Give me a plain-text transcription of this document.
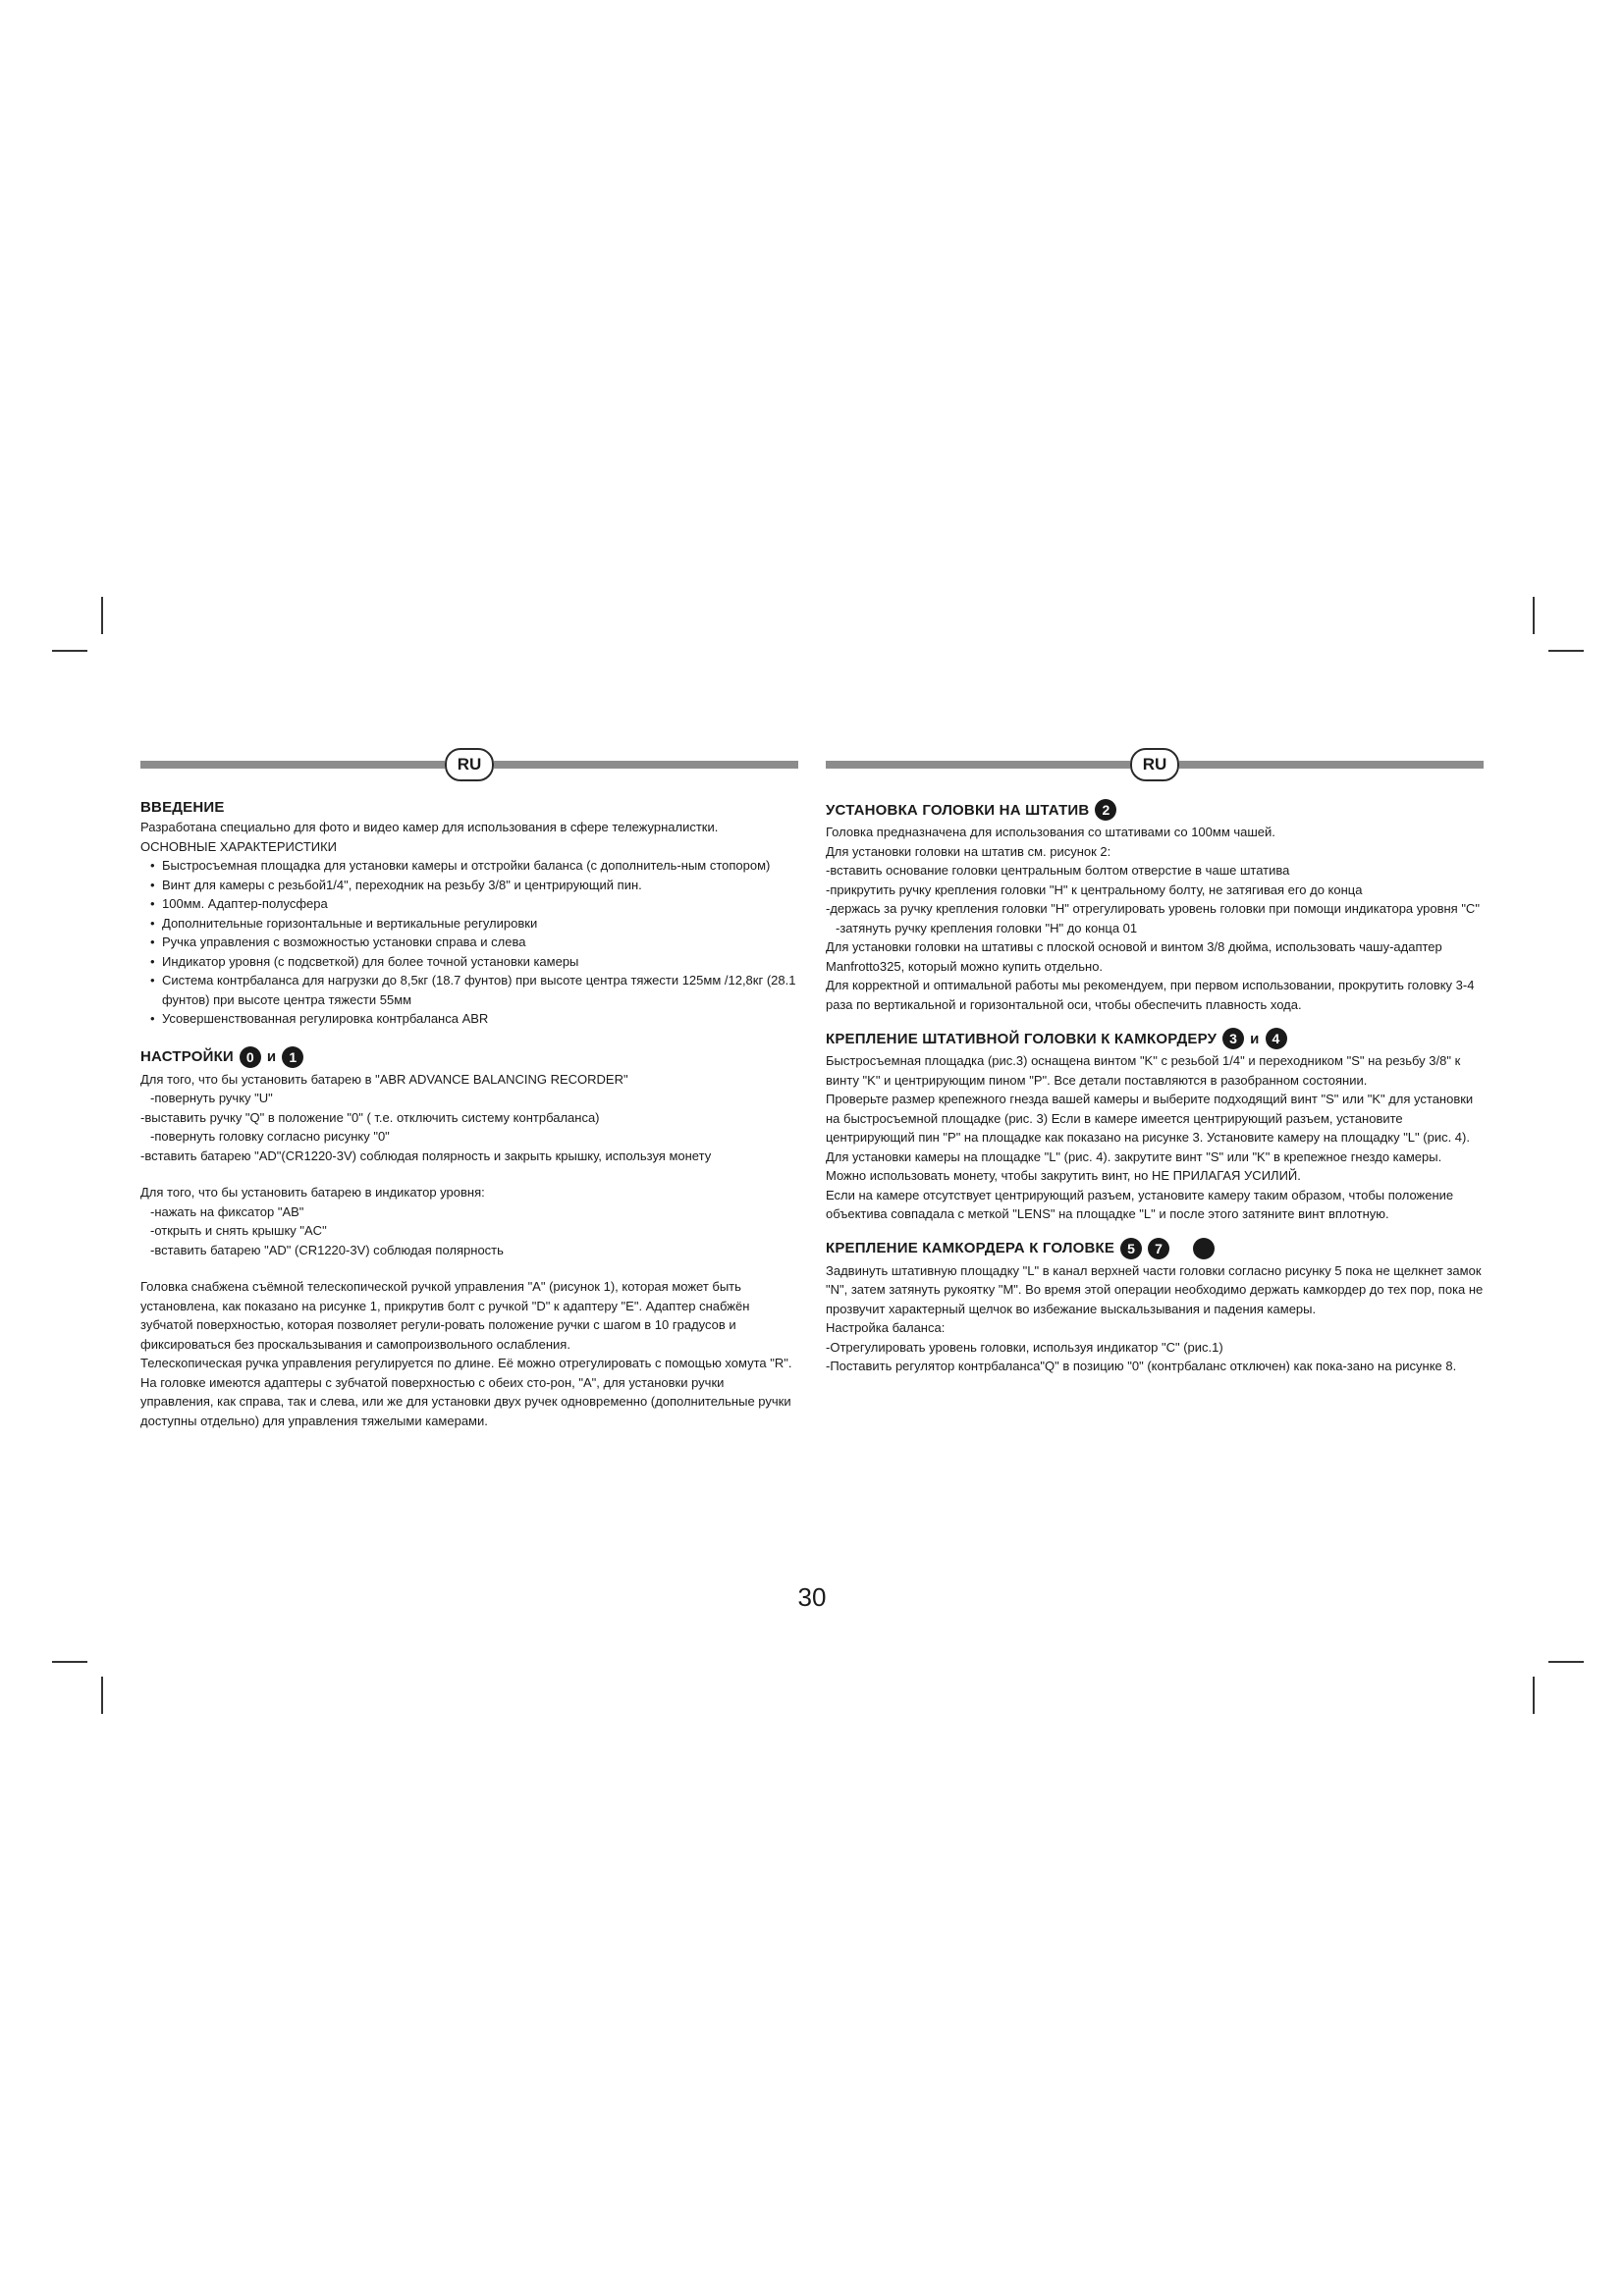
RU
ВВЕДЕНИЕ

Разработана специально для фото и видео камер для использования в сфере тележурналистки.

ОСНОВНЫЕ ХАРАКТЕРИСТИКИ

• Быстросъемная площадка для установки камеры и отстройки баланса (с дополнитель-ным стопором)
• Винт для камеры с резьбой1/4", переходник на резьбу 3/8" и центрирующий пин.
• 100мм. Адаптер-полусфера
• Дополнительные горизонтальные и вертикальные регулировки
• Ручка управления с возможностью установки справа и слева
• Индикатор уровня (с подсветкой) для более точной установки камеры
• Система контрбаланса для нагрузки до 8,5кг (18.7 фунтов) при высоте центра тяжести 125мм /12,8кг (28.1 фунтов) при высоте центра тяжести 55мм
• Усовершенствованная регулировка контрбаланса ABR
НАСТРОЙКИ 0 и 1

Для того, что бы установить батарею в "ABR ADVANCE BALANCING RECORDER"

-повернуть ручку "U"

-выставить ручку "Q" в положение "0" ( т.е. отключить систему контрбаланса)

-повернуть головку согласно рисунку "0"

-вставить батарею "AD"(CR1220-3V) соблюдая полярность и закрыть крышку, используя монету

Для того, что бы установить батарею в индикатор уровня:

-нажать на фиксатор "AB"

-открыть и снять крышку "AC"

-вставить батарею "AD" (CR1220-3V) соблюдая полярность

Головка снабжена съёмной телескопической ручкой управления "A" (рисунок 1), которая может быть установлена, как показано на рисунке 1, прикрутив болт с ручкой "D" к адаптеру "E". Адаптер снабжён зубчатой поверхностью, которая позволяет регули-ровать положение ручки с шагом в 10 градусов и фиксироваться без проскальзывания и самопроизвольного ослабления.

Телескопическая ручка управления регулируется по длине. Её можно отрегулировать с помощью хомута "R". На головке имеются адаптеры с зубчатой поверхностью с обеих сто-рон, "A", для установки ручки управления, как справа, так и слева, или же для установки двух ручек одновременно (дополнительные ручки доступны отдельно) для управления тяжелыми камерами.

RU
УСТАНОВКА ГОЛОВКИ НА ШТАТИВ 2

Головка предназначена для использования со штативами со 100мм чашей.

Для установки головки на штатив см. рисунок 2:

-вставить основание головки центральным болтом отверстие в чаше штатива

-прикрутить ручку крепления головки "H" к центральному болту, не затягивая его до конца

-держась за ручку крепления головки "H" отрегулировать уровень головки при помощи индикатора уровня "C"

-затянуть ручку крепления головки "H" до конца 01

Для установки головки на штативы с плоской основой и винтом 3/8 дюйма, использовать чашу-адаптер Manfrotto325, который можно купить отдельно.

Для корректной и оптимальной работы мы рекомендуем, при первом использовании, прокрутить головку 3-4 раза по вертикальной и горизонтальной оси, чтобы обеспечить плавность хода.

КРЕПЛЕНИЕ ШТАТИВНОЙ ГОЛОВКИ К КАМКОРДЕРУ 3 и 4

Быстросъемная площадка (рис.3) оснащена винтом "K" с резьбой 1/4" и переходником "S" на резьбу 3/8" к винту "K" и центрирующим пином "P". Все детали поставляются в разобранном состоянии.

Проверьте размер крепежного гнезда вашей камеры и выберите подходящий винт "S" или "K" для установки на быстросъемной площадке (рис. 3) Если в камере имеется центрирующий разъем, установите центрирующий пин "P" на площадке как показано на рисунке 3. Установите камеру на площадку "L" (рис. 4).

Для установки камеры на площадке "L" (рис. 4). закрутите винт "S" или "K" в крепежное гнездо камеры. Можно использовать монету, чтобы закрутить винт, но НЕ ПРИЛАГАЯ УСИЛИЙ.

Если на камере отсутствует центрирующий разъем, установите камеру таким образом, чтобы положение объектива совпадала с меткой "LENS" на площадке "L" и после этого затяните винт вплотную.

КРЕПЛЕНИЕ КАМКОРДЕРА К ГОЛОВКЕ 5	7

Задвинуть штативную площадку "L" в канал верхней части головки согласно рисунку 5 пока не щелкнет замок "N", затем затянуть рукоятку "M". Во время этой операции необходимо держать камкордер до тех пор, пока не прозвучит характерный щелчок во избежание выскальзывания и падения камеры.

Настройка баланса:

-Отрегулировать уровень головки, используя индикатор "C" (рис.1)

-Поставить регулятор контрбаланса"Q" в позицию "0" (контрбаланс отключен) как пока-зано на рисунке 8.

30
